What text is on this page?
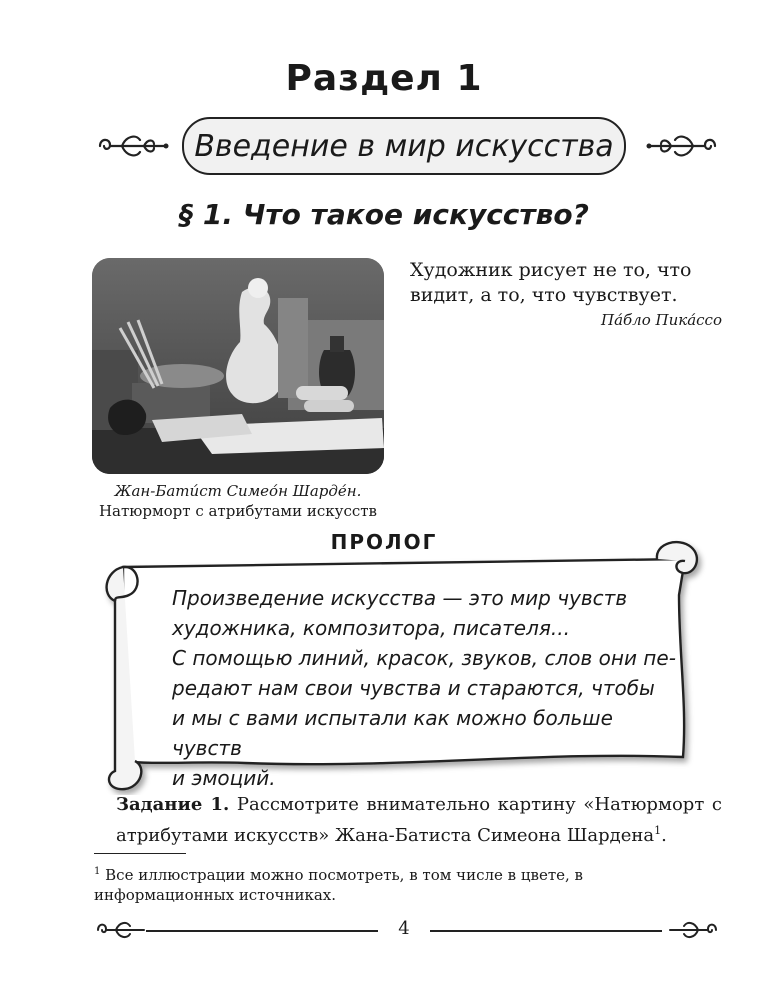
Раздел 1
Введение в мир искусства
§ 1. Что такое искусство?
Жан-Бати́ст Симео́н Шарде́н.
Натюрморт с атрибутами искусств
Художник рисует не то, что видит, а то, что чувствует.
Па́бло Пика́ссо
ПРОЛОГ

Произведение искусства — это мир чувств

художника, композитора, писателя...

С помощью линий, красок, звуков, слов они пе-

редают нам свои чувства и стараются, чтобы

и мы с вами испытали как можно больше чувств

и эмоций.

Задание 1. Рассмотрите внимательно картину «Натюрморт с атрибутами искусств» Жана-Батиста Симеона Шардена$^1$.
$^1$ Все иллюстрации можно посмотреть, в том числе в цвете, в информационных источниках.
4
